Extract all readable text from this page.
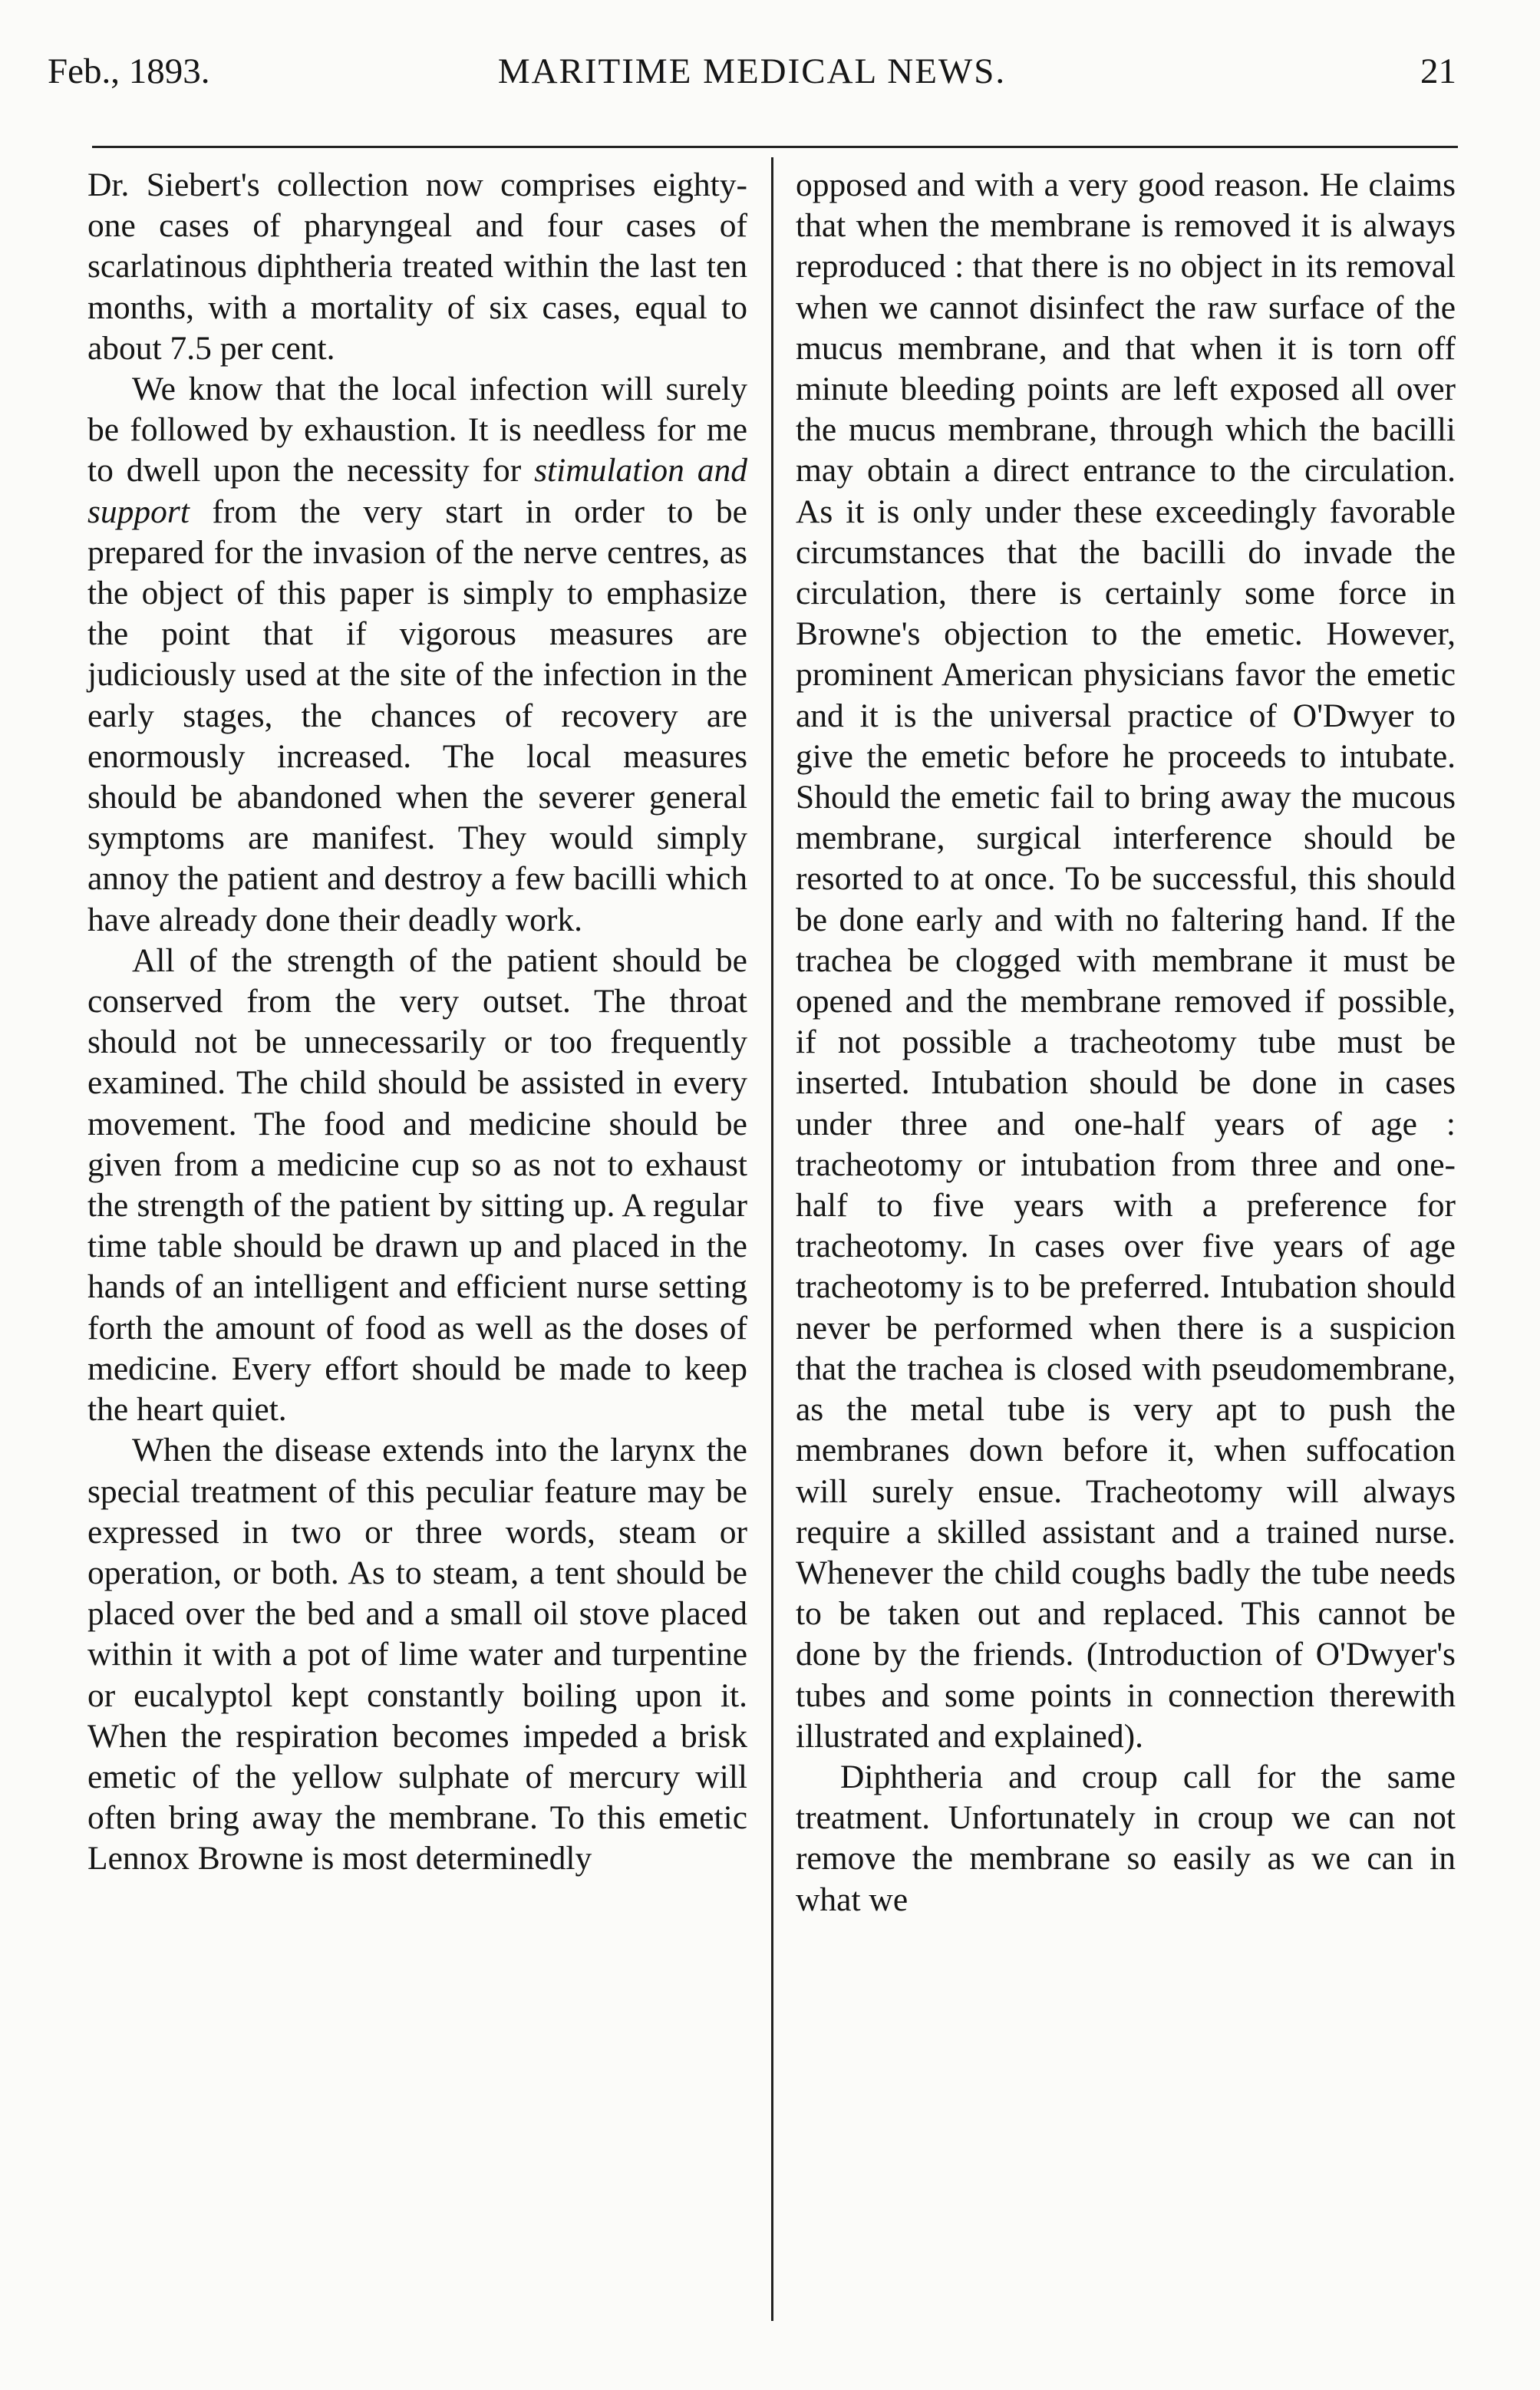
MARITIME MEDICAL NEWS.
Feb., 1893.	21

Dr. Siebert's collection now comprises eighty-one cases of pharyngeal and four cases of scarlatinous diphtheria treated within the last ten months, with a mortality of six cases, equal to about 7.5 per cent.

We know that the local infection will surely be followed by exhaustion. It is needless for me to dwell upon the necessity for stimulation and support from the very start in order to be prepared for the invasion of the nerve centres, as the object of this paper is simply to emphasize the point that if vigorous measures are judiciously used at the site of the infection in the early stages, the chances of recovery are enormously increased. The local measures should be abandoned when the severer general symptoms are manifest. They would simply annoy the patient and destroy a few bacilli which have already done their deadly work.

All of the strength of the patient should be conserved from the very outset. The throat should not be unnecessarily or too frequently examined. The child should be assisted in every movement. The food and medicine should be given from a medicine cup so as not to exhaust the strength of the patient by sitting up. A regular time table should be drawn up and placed in the hands of an intelligent and efficient nurse setting forth the amount of food as well as the doses of medicine. Every effort should be made to keep the heart quiet.

When the disease extends into the larynx the special treatment of this peculiar feature may be expressed in two or three words, steam or operation, or both. As to steam, a tent should be placed over the bed and a small oil stove placed within it with a pot of lime water and turpentine or eucalyptol kept constantly boiling upon it. When the respiration becomes impeded a brisk emetic of the yellow sulphate of mercury will often bring away the membrane. To this emetic Lennox Browne is most determinedly

opposed and with a very good reason. He claims that when the membrane is removed it is always reproduced : that there is no object in its removal when we cannot disinfect the raw surface of the mucus membrane, and that when it is torn off minute bleeding points are left exposed all over the mucus membrane, through which the bacilli may obtain a direct entrance to the circulation. As it is only under these exceedingly favorable circumstances that the bacilli do invade the circulation, there is certainly some force in Browne's objection to the emetic. However, prominent American physicians favor the emetic and it is the universal practice of O'Dwyer to give the emetic before he proceeds to intubate. Should the emetic fail to bring away the mucous membrane, surgical interference should be resorted to at once. To be successful, this should be done early and with no faltering hand. If the trachea be clogged with membrane it must be opened and the membrane removed if possible, if not possible a tracheotomy tube must be inserted. Intubation should be done in cases under three and one-half years of age : tracheotomy or intubation from three and one-half to five years with a preference for tracheotomy. In cases over five years of age tracheotomy is to be preferred. Intubation should never be performed when there is a suspicion that the trachea is closed with pseudomembrane, as the metal tube is very apt to push the membranes down before it, when suffocation will surely ensue. Tracheotomy will always require a skilled assistant and a trained nurse. Whenever the child coughs badly the tube needs to be taken out and replaced. This cannot be done by the friends. (Introduction of O'Dwyer's tubes and some points in connection therewith illustrated and explained).

Diphtheria and croup call for the same treatment. Unfortunately in croup we can not remove the membrane so easily as we can in what we
